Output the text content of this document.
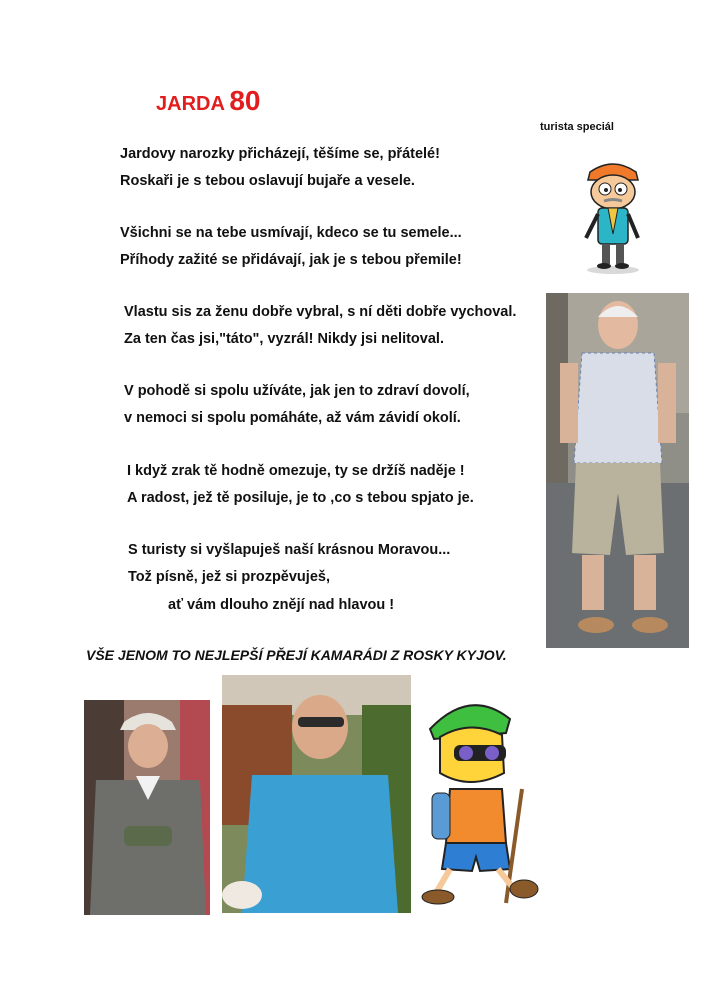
JARDA 80
turista speciál
Jardovy narozky přicházejí, těšíme se, přátelé!
Roskaři je s tebou oslavují bujaře a vesele.
Všichni se na tebe usmívají, kdeco se tu semele...
Příhody zažité se přidávají, jak je s tebou přemile!
Vlastu sis za ženu dobře vybral, s ní děti dobře vychoval.
Za ten čas jsi,"táto", vyzrál! Nikdy jsi nelitoval.
V pohodě si spolu užíváte, jak jen to zdraví dovolí,
v nemoci si spolu pomáháte, až vám závidí okolí.
I když zrak tě hodně omezuje, ty se držíš naděje !
A radost, jež tě posiluje, je to ,co s tebou spjato je.
S turisty si vyšlapuješ naší krásnou Moravou...
Tož písně, jež si prozpěvuješ,
ať vám dlouho znějí nad hlavou !
VŠE JENOM TO NEJLEPŠÍ PŘEJÍ KAMARÁDI Z ROSKY KYJOV.
